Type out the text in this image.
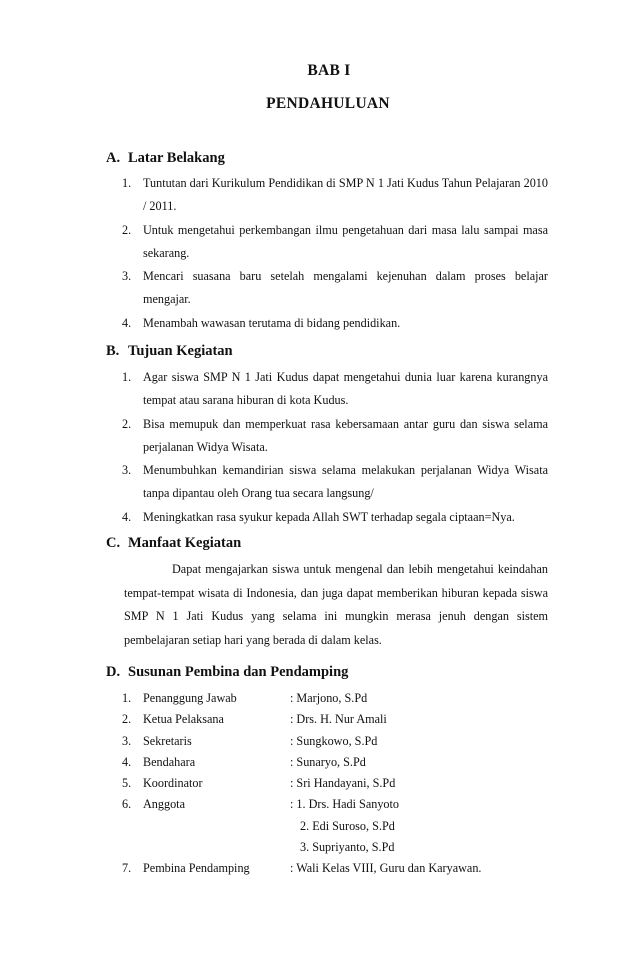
BAB I
PENDAHULUAN
A. Latar Belakang
1. Tuntutan dari Kurikulum Pendidikan di SMP N 1 Jati Kudus Tahun Pelajaran 2010 / 2011.
2. Untuk mengetahui perkembangan ilmu pengetahuan dari masa lalu sampai masa sekarang.
3. Mencari suasana baru setelah mengalami kejenuhan dalam proses belajar mengajar.
4. Menambah wawasan terutama di bidang pendidikan.
B. Tujuan Kegiatan
1. Agar siswa SMP N 1 Jati Kudus dapat mengetahui dunia luar karena kurangnya tempat atau sarana hiburan di kota Kudus.
2. Bisa memupuk dan memperkuat rasa kebersamaan antar guru dan siswa selama perjalanan Widya Wisata.
3. Menumbuhkan kemandirian siswa selama melakukan perjalanan Widya Wisata tanpa dipantau oleh Orang tua secara langsung/
4. Meningkatkan rasa syukur kepada Allah SWT terhadap segala ciptaan=Nya.
C. Manfaat Kegiatan
Dapat mengajarkan siswa untuk mengenal dan lebih mengetahui keindahan tempat-tempat wisata di Indonesia, dan juga dapat memberikan hiburan kepada siswa SMP N 1 Jati Kudus yang selama ini mungkin merasa jenuh dengan sistem pembelajaran setiap hari yang berada di dalam kelas.
D. Susunan Pembina dan Pendamping
1. Penanggung Jawab	: Marjono, S.Pd
2. Ketua Pelaksana	: Drs. H. Nur Amali
3. Sekretaris	: Sungkowo, S.Pd
4. Bendahara	: Sunaryo, S.Pd
5. Koordinator	: Sri Handayani, S.Pd
6. Anggota	: 1. Drs. Hadi Sanyoto
2. Edi Suroso, S.Pd
3. Supriyanto, S.Pd
7. Pembina Pendamping	: Wali Kelas VIII, Guru dan Karyawan.
